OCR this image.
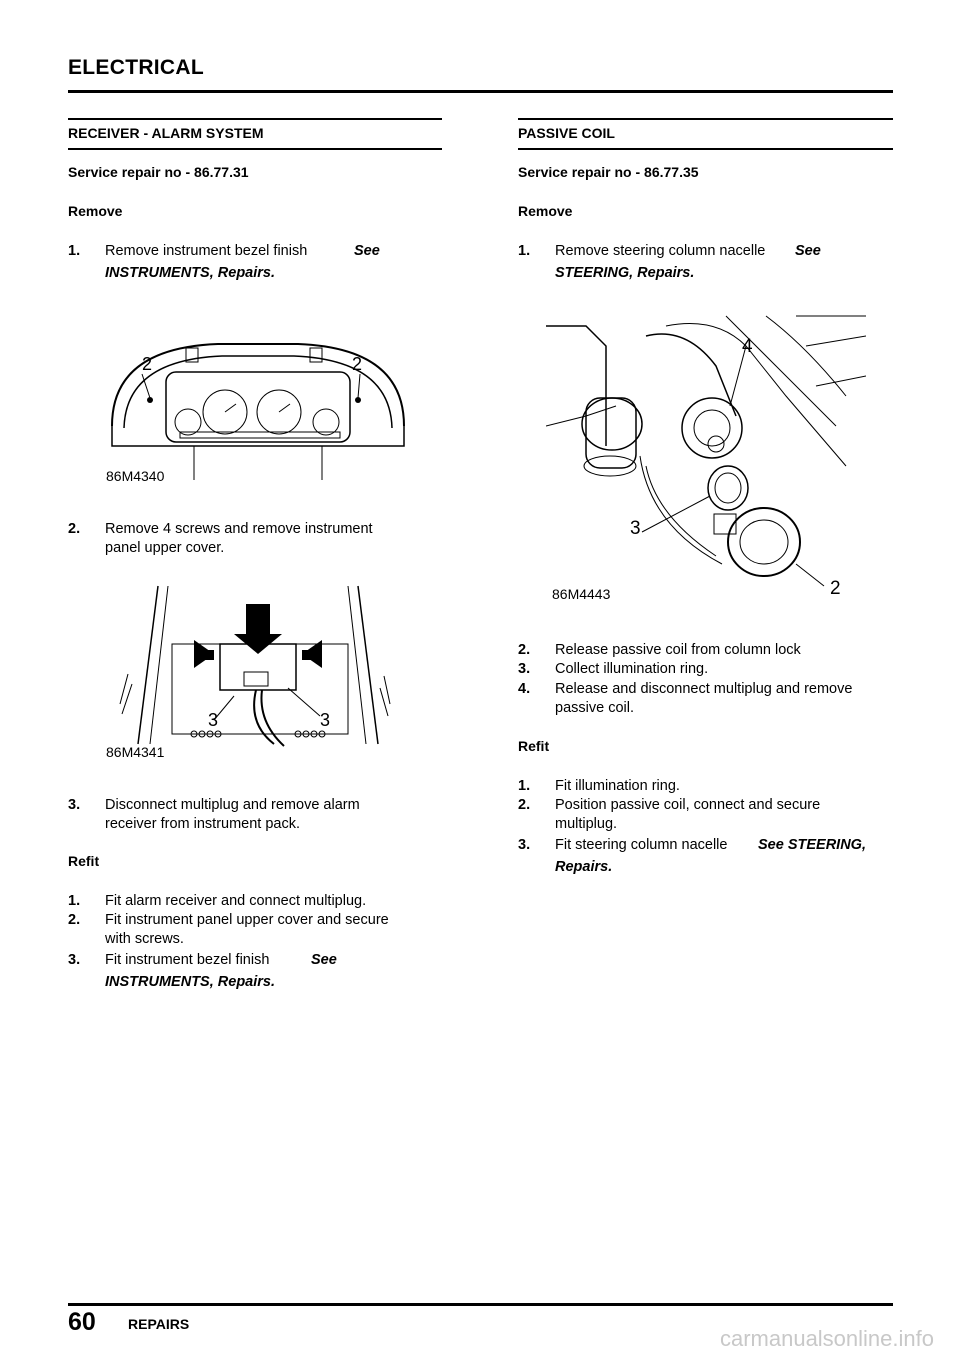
ELECTRICAL
RECEIVER - ALARM SYSTEM
Service repair no - 86.77.31
Remove
1. Remove instrument bezel finish	See
INSTRUMENTS, Repairs.
2	2
86M4340
2. Remove 4 screws and remove instrument
panel upper cover.
3	3
86M4341
3. Disconnect multiplug and remove alarm
receiver from instrument pack.
Refit
1. Fit alarm receiver and connect multiplug.
2. Fit instrument panel upper cover and secure
with screws.
3. Fit instrument bezel finish	See
INSTRUMENTS, Repairs.
PASSIVE COIL
Service repair no - 86.77.35
Remove
1. Remove steering column nacelle See
STEERING, Repairs.
4
3
2
86M4443
2. Release passive coil from column lock
3. Collect illumination ring.
4. Release and disconnect multiplug and remove
passive coil.
Refit
1. Fit illumination ring.
2. Position passive coil, connect and secure
multiplug.
3. Fit steering column nacelle See STEERING,
Repairs.
60 REPAIRS
carmanualsonline.info
